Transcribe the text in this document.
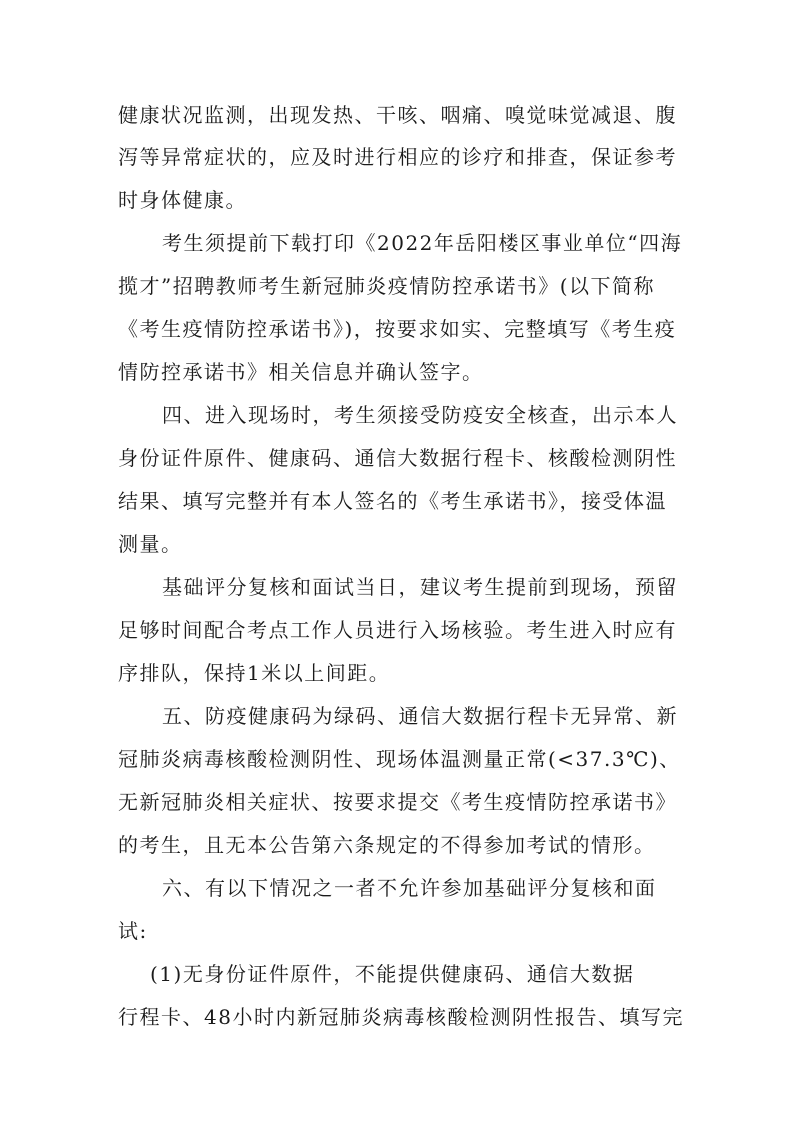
健康状况监测，出现发热、干咳、咽痛、嗅觉味觉减退、腹
泻等异常症状的，应及时进行相应的诊疗和排查，保证参考
时身体健康。
考生须提前下载打印《2022年岳阳楼区事业单位“四海
揽才”招聘教师考生新冠肺炎疫情防控承诺书》(以下简称
《考生疫情防控承诺书》)，按要求如实、完整填写《考生疫
情防控承诺书》相关信息并确认签字。
四、进入现场时，考生须接受防疫安全核查，出示本人
身份证件原件、健康码、通信大数据行程卡、核酸检测阴性
结果、填写完整并有本人签名的《考生承诺书》，接受体温
测量。
基础评分复核和面试当日，建议考生提前到现场，预留
足够时间配合考点工作人员进行入场核验。考生进入时应有
序排队，保持1米以上间距。
五、防疫健康码为绿码、通信大数据行程卡无异常、新
冠肺炎病毒核酸检测阴性、现场体温测量正常(<37.3℃)、
无新冠肺炎相关症状、按要求提交《考生疫情防控承诺书》
的考生，且无本公告第六条规定的不得参加考试的情形。
六、有以下情况之一者不允许参加基础评分复核和面
试:
(1)无身份证件原件，不能提供健康码、通信大数据
行程卡、48小时内新冠肺炎病毒核酸检测阴性报告、填写完
